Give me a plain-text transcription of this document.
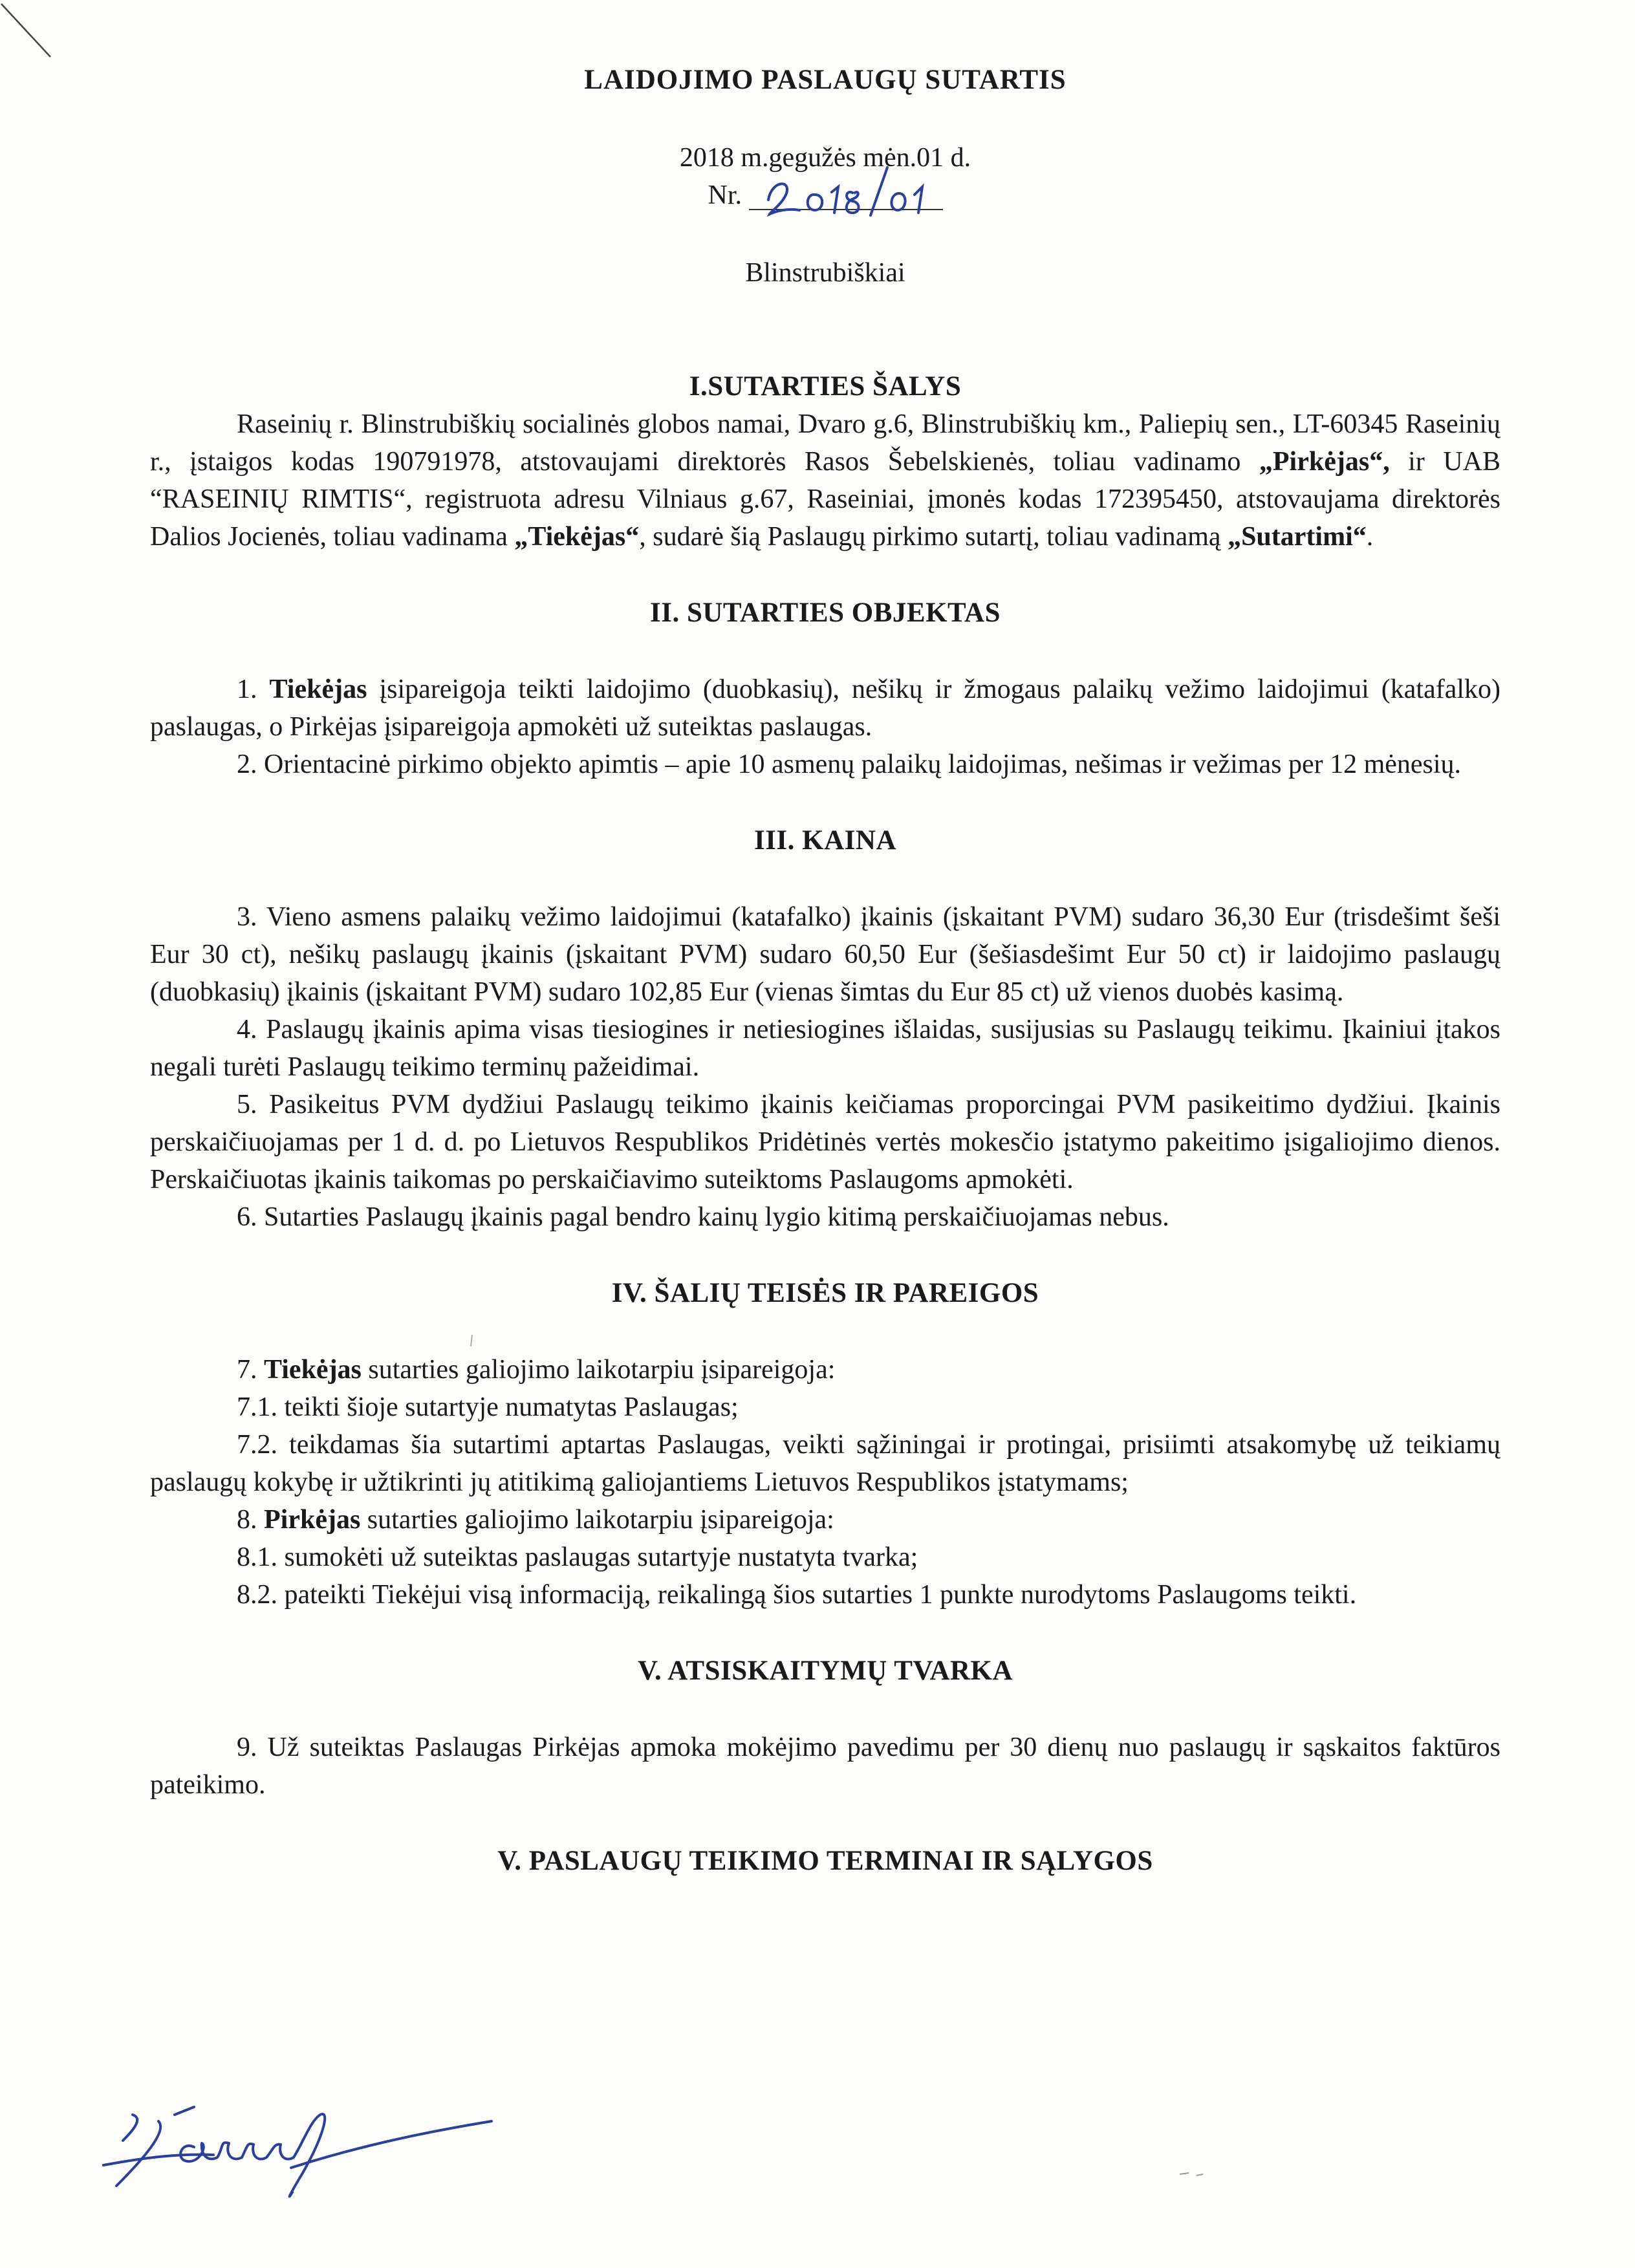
LAIDOJIMO PASLAUGŲ SUTARTIS
2018 m.gegužės mėn.01 d.
Nr.
Blinstrubiškiai
I.SUTARTIES ŠALYS

Raseinių r. Blinstrubiškių socialinės globos namai, Dvaro g.6, Blinstrubiškių km., Paliepių sen., LT-60345 Raseinių r., įstaigos kodas 190791978, atstovaujami direktorės Rasos Šebelskienės, toliau vadinamo „Pirkėjas“, ir UAB “RASEINIŲ RIMTIS“, registruota adresu Vilniaus g.67, Raseiniai, įmonės kodas 172395450, atstovaujama direktorės Dalios Jocienės, toliau vadinama „Tiekėjas“, sudarė šią Paslaugų pirkimo sutartį, toliau vadinamą „Sutartimi“.

II. SUTARTIES OBJEKTAS

1. Tiekėjas įsipareigoja teikti laidojimo (duobkasių), nešikų ir žmogaus palaikų vežimo laidojimui (katafalko) paslaugas, o Pirkėjas įsipareigoja apmokėti už suteiktas paslaugas.

2. Orientacinė pirkimo objekto apimtis – apie 10 asmenų palaikų laidojimas, nešimas ir vežimas per 12 mėnesių.

III. KAINA

3. Vieno asmens palaikų vežimo laidojimui (katafalko) įkainis (įskaitant PVM) sudaro 36,30 Eur (trisdešimt šeši Eur 30 ct), nešikų paslaugų įkainis (įskaitant PVM) sudaro 60,50 Eur (šešiasdešimt Eur 50 ct) ir laidojimo paslaugų (duobkasių) įkainis (įskaitant PVM) sudaro 102,85 Eur (vienas šimtas du Eur 85 ct) už vienos duobės kasimą.

4. Paslaugų įkainis apima visas tiesiogines ir netiesiogines išlaidas, susijusias su Paslaugų teikimu. Įkainiui įtakos negali turėti Paslaugų teikimo terminų pažeidimai.

5. Pasikeitus PVM dydžiui Paslaugų teikimo įkainis keičiamas proporcingai PVM pasikeitimo dydžiui. Įkainis perskaičiuojamas per 1 d. d. po Lietuvos Respublikos Pridėtinės vertės mokesčio įstatymo pakeitimo įsigaliojimo dienos. Perskaičiuotas įkainis taikomas po perskaičiavimo suteiktoms Paslaugoms apmokėti.

6. Sutarties Paslaugų įkainis pagal bendro kainų lygio kitimą perskaičiuojamas nebus.

IV. ŠALIŲ TEISĖS IR PAREIGOS

7. Tiekėjas sutarties galiojimo laikotarpiu įsipareigoja:

7.1. teikti šioje sutartyje numatytas Paslaugas;

7.2. teikdamas šia sutartimi aptartas Paslaugas, veikti sąžiningai ir protingai, prisiimti atsakomybę už teikiamų paslaugų kokybę ir užtikrinti jų atitikimą galiojantiems Lietuvos Respublikos įstatymams;

8. Pirkėjas sutarties galiojimo laikotarpiu įsipareigoja:

8.1. sumokėti už suteiktas paslaugas sutartyje nustatyta tvarka;

8.2. pateikti Tiekėjui visą informaciją, reikalingą šios sutarties 1 punkte nurodytoms Paslaugoms teikti.

V. ATSISKAITYMŲ TVARKA

9. Už suteiktas Paslaugas Pirkėjas apmoka mokėjimo pavedimu per 30 dienų nuo paslaugų ir sąskaitos faktūros pateikimo.

V. PASLAUGŲ TEIKIMO TERMINAI IR SĄLYGOS
